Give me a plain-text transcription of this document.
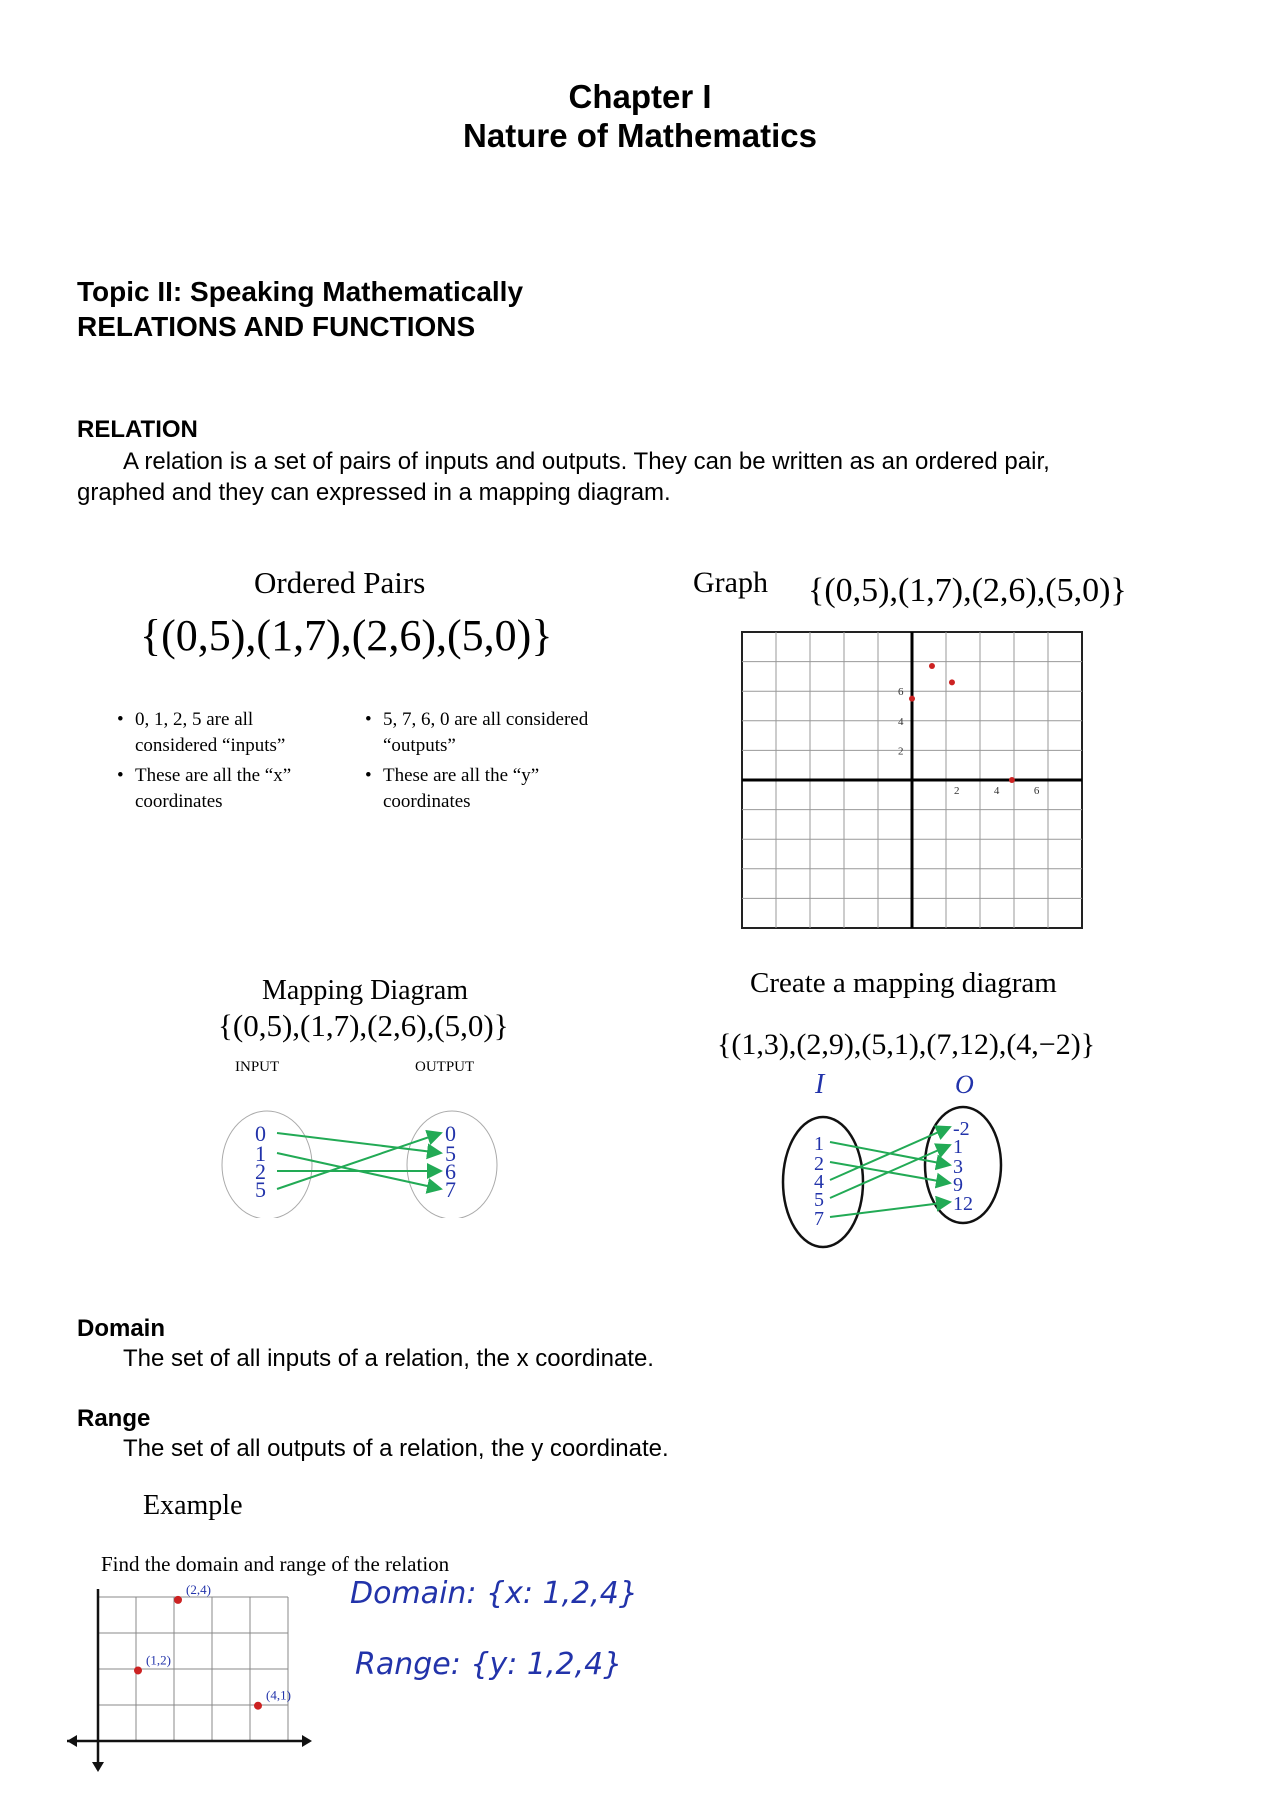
Chapter I
Nature of Mathematics
Topic II: Speaking Mathematically
RELATIONS AND FUNCTIONS
RELATION
A relation is a set of pairs of inputs and outputs. They can be written as an ordered pair, graphed and they can expressed in a mapping diagram.
Ordered Pairs
{(0,5),(1,7),(2,6),(5,0)}
• 0, 1, 2, 5 are all considered “inputs”
• These are all the “x” coordinates
• 5, 7, 6, 0 are all considered “outputs”
• These are all the “y” coordinates
Graph {(0,5),(1,7),(2,6),(5,0)}
6
4
2
2	4	6
Mapping Diagram
{(0,5),(1,7),(2,6),(5,0)}
INPUT	OUTPUT
0
1
2
5
0
5
6
7
Create a mapping diagram
{(1,3),(2,9),(5,1),(7,12),(4,−2)}
I	O
1
2
4
5
7
-2
1
3
9
12
Domain
The set of all inputs of a relation, the x coordinate.
Range
The set of all outputs of a relation, the y coordinate.
Example
Find the domain and range of the relation
(2,4)
(1,2)
(4,1)
Domain: {x: 1,2,4}
Range: {y: 1,2,4}
